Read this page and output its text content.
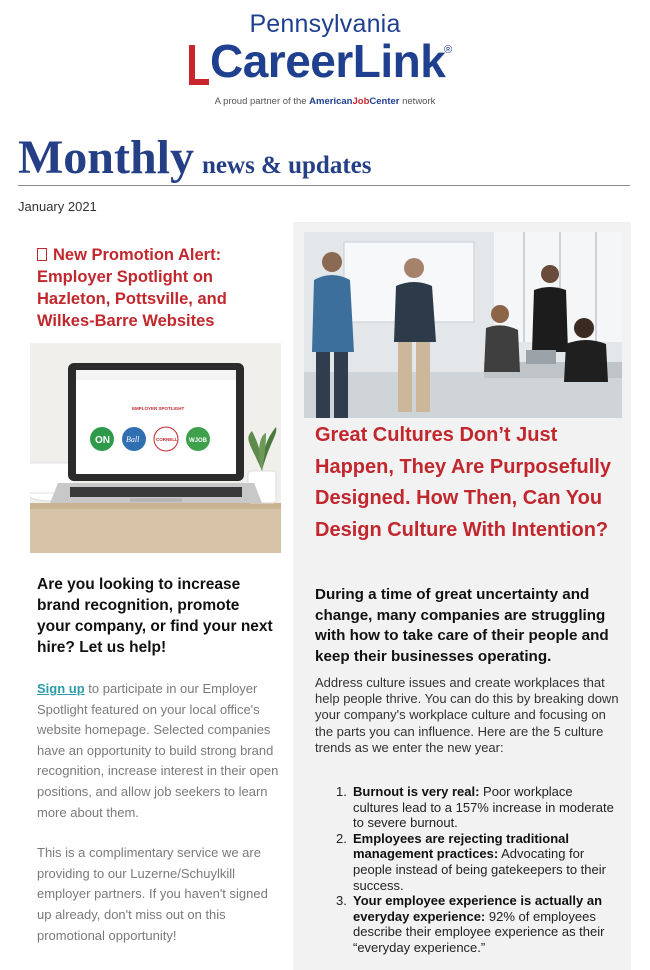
Pennsylvania
CareerLink
®
A proud partner of the AmericanJobCenter network
Monthly news & updates
January 2021
New Promotion Alert: Employer Spotlight on Hazleton, Pottsville, and Wilkes-Barre Websites
EMPLOYER SPOTLIGHT
ON Ball	CORNELL WJOB
Are you looking to increase brand recognition, promote your company, or find your next hire? Let us help!

Sign up to participate in our Employer Spotlight featured on your local office's website homepage. Selected companies have an opportunity to build strong brand recognition, increase interest in their open positions, and allow job seekers to learn more about them.

This is a complimentary service we are providing to our Luzerne/Schuylkill employer partners. If you haven't signed up already, don't miss out on this promotional opportunity!

Great Cultures Don’t Just Happen, They Are Purposefully Designed. How Then, Can You Design Culture With Intention?
During a time of great uncertainty and change, many companies are struggling with how to take care of their people and keep their businesses operating.
Address culture issues and create workplaces that help people thrive. You can do this by breaking down your company's workplace culture and focusing on the parts you can influence. Here are the 5 culture trends as we enter the new year:
1. Burnout is very real: Poor workplace cultures lead to a 157% increase in moderate to severe burnout.
2. Employees are rejecting traditional management practices: Advocating for people instead of being gatekeepers to their success.
3. Your employee experience is actually an everyday experience: 92% of employees describe their employee experience as their “everyday experience.”
